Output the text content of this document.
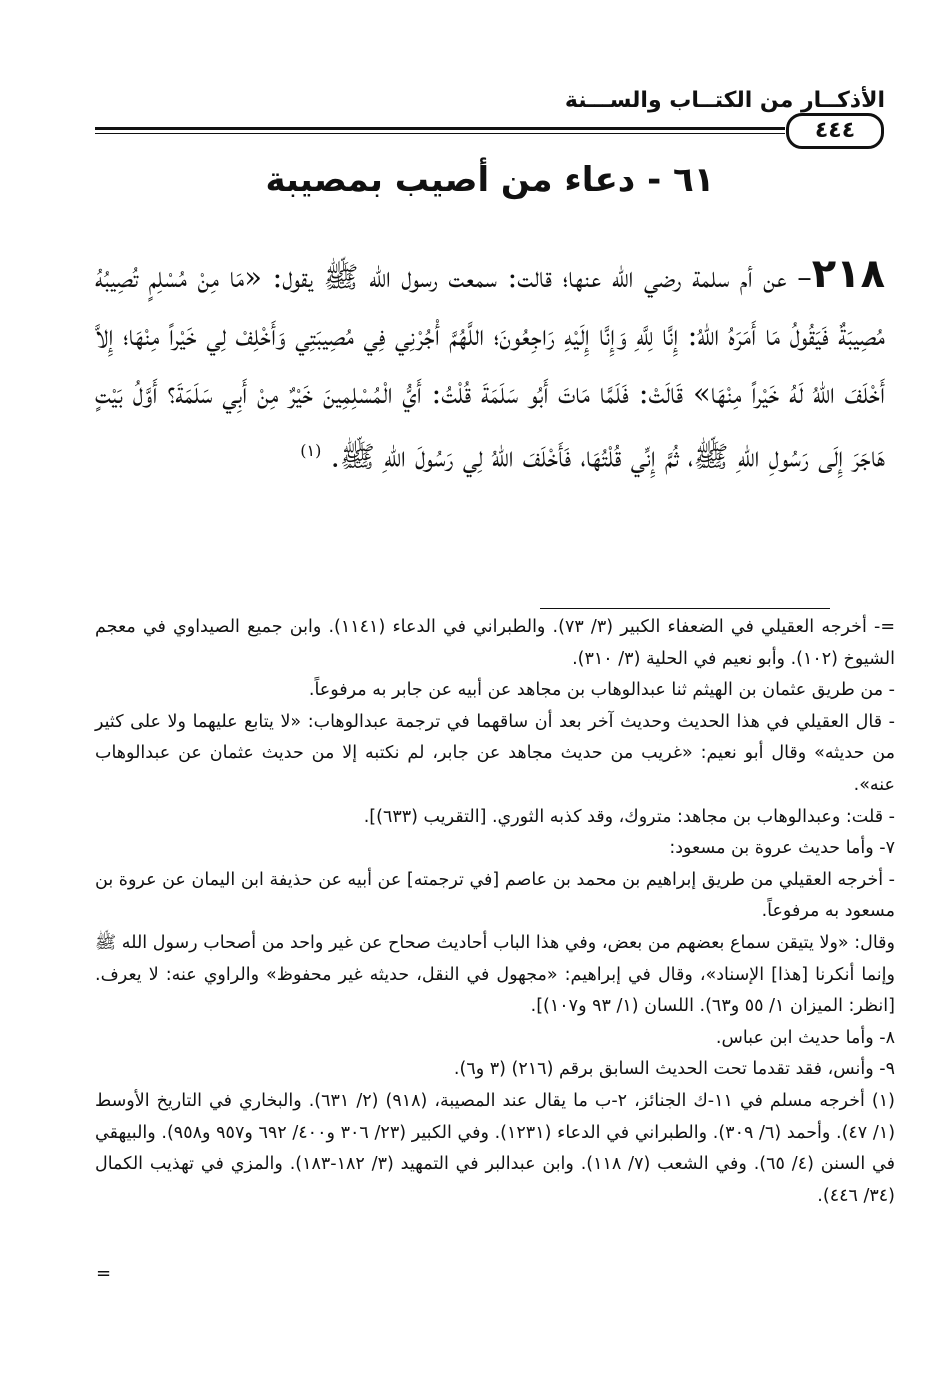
الأذكــار من الكتــاب والســـنة
٤٤٤
٦١ - دعاء من أصيب بمصيبة

٢١٨– عن أم سلمة رضي الله عنها؛ قالت: سمعت رسول الله ﷺ يقول: «مَا مِنْ مُسْلِمٍ تُصِيبُهُ مُصِيبَةٌ فَيَقُولُ مَا أَمَرَهُ اللهُ: إِنَّا لِلَّهِ وَإِنَّا إِلَيْهِ رَاجِعُونَ؛ اللَّهُمَّ أْجُرْنِي فِي مُصِيبَتِي وَأَخْلِفْ لِي خَيْراً مِنْهَا؛ إِلاَّ أَخْلَفَ اللهُ لَهُ خَيْراً مِنْهَا» قَالَتْ: فَلَمَّا مَاتَ أَبُو سَلَمَةَ قُلْتُ: أَيُّ الْمُسْلِمِينَ خَيْرٌ مِنْ أَبِي سَلَمَةَ؟ أَوَّلُ بَيْتٍ هَاجَرَ إِلَى رَسُولِ اللهِ ﷺ، ثُمَّ إِنِّي قُلْتُهَا، فَأَخْلَفَ اللهُ لِي رَسُولَ اللهِ ﷺ. $^{(١)}$

=- أخرجه العقيلي في الضعفاء الكبير (٣/ ٧٣). والطبراني في الدعاء (١١٤١). وابن جميع الصيداوي في معجم الشيوخ (١٠٢). وأبو نعيم في الحلية (٣/ ٣١٠).

- من طريق عثمان بن الهيثم ثنا عبدالوهاب بن مجاهد عن أبيه عن جابر به مرفوعاً.

- قال العقيلي في هذا الحديث وحديث آخر بعد أن ساقهما في ترجمة عبدالوهاب: «لا يتابع عليهما ولا على كثير من حديثه» وقال أبو نعيم: «غريب من حديث مجاهد عن جابر، لم نكتبه إلا من حديث عثمان عن عبدالوهاب عنه».

- قلت: وعبدالوهاب بن مجاهد: متروك، وقد كذبه الثوري. [التقريب (٦٣٣)].

٧- وأما حديث عروة بن مسعود:

- أخرجه العقيلي من طريق إبراهيم بن محمد بن عاصم [في ترجمته] عن أبيه عن حذيفة ابن اليمان عن عروة بن مسعود به مرفوعاً.

وقال: «ولا يتيقن سماع بعضهم من بعض، وفي هذا الباب أحاديث صحاح عن غير واحد من أصحاب رسول الله ﷺ وإنما أنكرنا [هذا] الإسناد»، وقال في إبراهيم: «مجهول في النقل، حديثه غير محفوظ» والراوي عنه: لا يعرف. [انظر: الميزان ١/ ٥٥ و٦٣). اللسان (١/ ٩٣ و١٠٧)].

٨- وأما حديث ابن عباس.

٩- وأنس، فقد تقدما تحت الحديث السابق برقم (٢١٦) (٣ و٦).

(١) أخرجه مسلم في ١١-ك الجنائز، ٢-ب ما يقال عند المصيبة، (٩١٨) (٢/ ٦٣١). والبخاري في التاريخ الأوسط (١/ ٤٧). وأحمد (٦/ ٣٠٩). والطبراني في الدعاء (١٢٣١). وفي الكبير (٢٣/ ٣٠٦ و٤٠٠/ ٦٩٢ و٩٥٧ و٩٥٨). والبيهقي في السنن (٤/ ٦٥). وفي الشعب (٧/ ١١٨). وابن عبدالبر في التمهيد (٣/ ١٨٢-١٨٣). والمزي في تهذيب الكمال (٣٤/ ٤٤٦).

=
